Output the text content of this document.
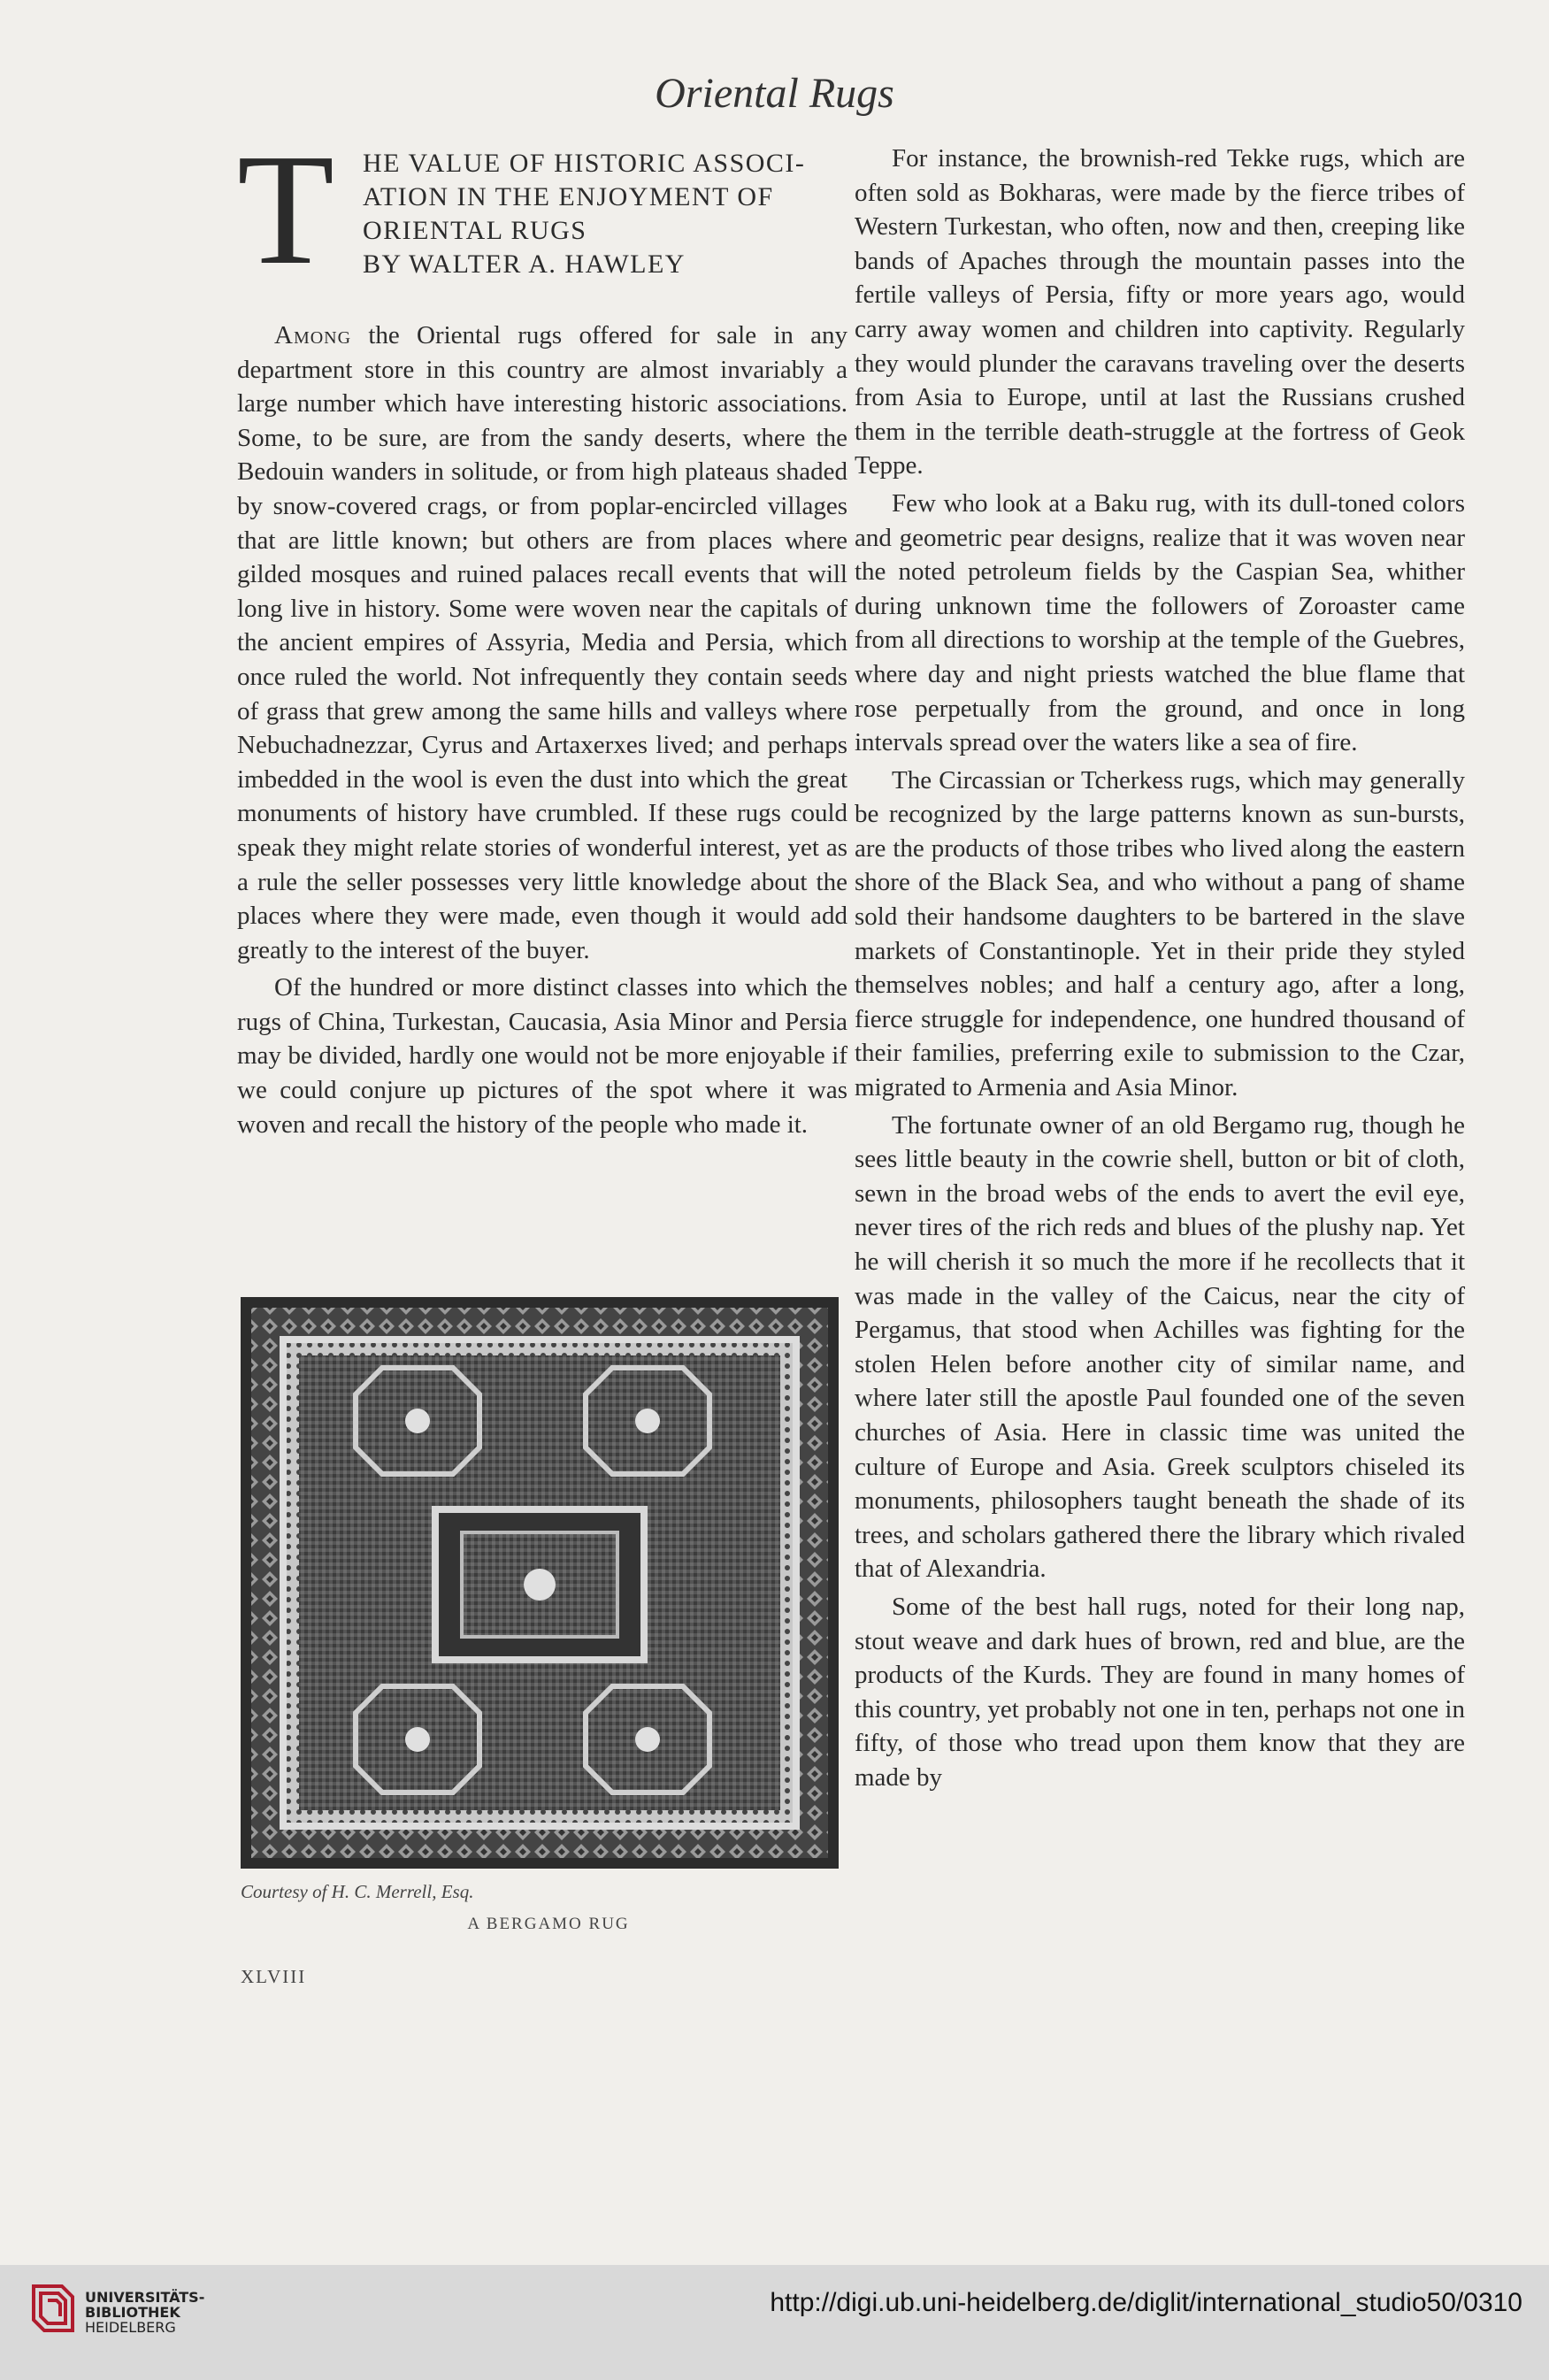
Oriental Rugs
T HE VALUE OF HISTORIC ASSOCI-
ATION IN THE ENJOYMENT OF
ORIENTAL RUGS
BY WALTER A. HAWLEY

Among the Oriental rugs offered for sale in any department store in this country are almost invariably a large number which have interesting historic associations. Some, to be sure, are from the sandy deserts, where the Bedouin wanders in solitude, or from high plateaus shaded by snow-covered crags, or from poplar-encircled villages that are little known; but others are from places where gilded mosques and ruined palaces recall events that will long live in history. Some were woven near the capitals of the ancient empires of Assyria, Media and Persia, which once ruled the world. Not infrequently they contain seeds of grass that grew among the same hills and valleys where Nebuchadnezzar, Cyrus and Artaxerxes lived; and perhaps imbedded in the wool is even the dust into which the great monuments of history have crumbled. If these rugs could speak they might relate stories of wonderful interest, yet as a rule the seller possesses very little knowledge about the places where they were made, even though it would add greatly to the interest of the buyer.

Of the hundred or more distinct classes into which the rugs of China, Turkestan, Caucasia, Asia Minor and Persia may be divided, hardly one would not be more enjoyable if we could conjure up pictures of the spot where it was woven and recall the history of the people who made it.

For instance, the brownish-red Tekke rugs, which are often sold as Bokharas, were made by the fierce tribes of Western Turkestan, who often, now and then, creeping like bands of Apaches through the mountain passes into the fertile valleys of Persia, fifty or more years ago, would carry away women and children into captivity. Regularly they would plunder the caravans traveling over the deserts from Asia to Europe, until at last the Russians crushed them in the terrible death-struggle at the fortress of Geok Teppe.

Few who look at a Baku rug, with its dull-toned colors and geometric pear designs, realize that it was woven near the noted petroleum fields by the Caspian Sea, whither during unknown time the followers of Zoroaster came from all directions to worship at the temple of the Guebres, where day and night priests watched the blue flame that rose perpetually from the ground, and once in long intervals spread over the waters like a sea of fire.

The Circassian or Tcherkess rugs, which may generally be recognized by the large patterns known as sun-bursts, are the products of those tribes who lived along the eastern shore of the Black Sea, and who without a pang of shame sold their handsome daughters to be bartered in the slave markets of Constantinople. Yet in their pride they styled themselves nobles; and half a century ago, after a long, fierce struggle for independence, one hundred thousand of their families, preferring exile to submission to the Czar, migrated to Armenia and Asia Minor.

The fortunate owner of an old Bergamo rug, though he sees little beauty in the cowrie shell, button or bit of cloth, sewn in the broad webs of the ends to avert the evil eye, never tires of the rich reds and blues of the plushy nap. Yet he will cherish it so much the more if he recollects that it was made in the valley of the Caicus, near the city of Pergamus, that stood when Achilles was fighting for the stolen Helen before another city of similar name, and where later still the apostle Paul founded one of the seven churches of Asia. Here in classic time was united the culture of Europe and Asia. Greek sculptors chiseled its monuments, philosophers taught beneath the shade of its trees, and scholars gathered there the library which rivaled that of Alexandria.

Some of the best hall rugs, noted for their long nap, stout weave and dark hues of brown, red and blue, are the products of the Kurds. They are found in many homes of this country, yet probably not one in ten, perhaps not one in fifty, of those who tread upon them know that they are made by

Courtesy of H. C. Merrell, Esq.
A BERGAMO RUG
XLVIII
UNIVERSITÄTS-
BIBLIOTHEK
HEIDELBERG
http://digi.ub.uni-heidelberg.de/diglit/international_studio50/0310
